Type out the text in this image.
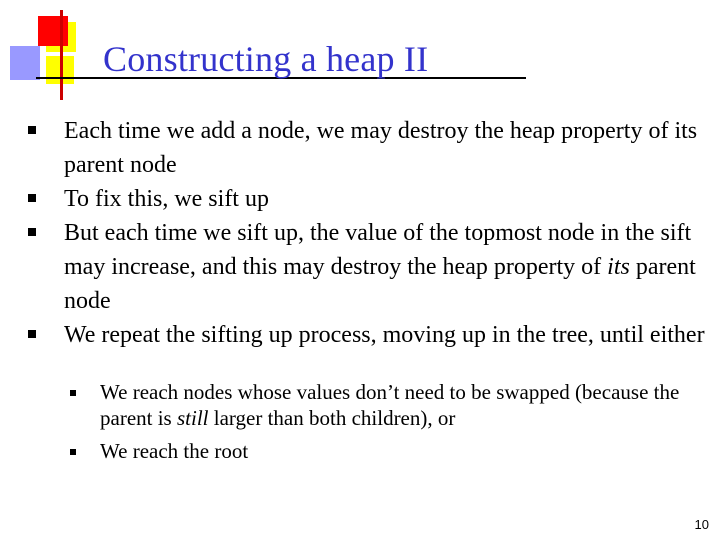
Constructing a heap II
Each time we add a node, we may destroy the heap property of its parent node
To fix this, we sift up
But each time we sift up, the value of the topmost node in the sift may increase, and this may destroy the heap property of its parent node
We repeat the sifting up process, moving up in the tree, until either
We reach nodes whose values don’t need to be swapped (because the parent is still larger than both children), or
We reach the root
10
